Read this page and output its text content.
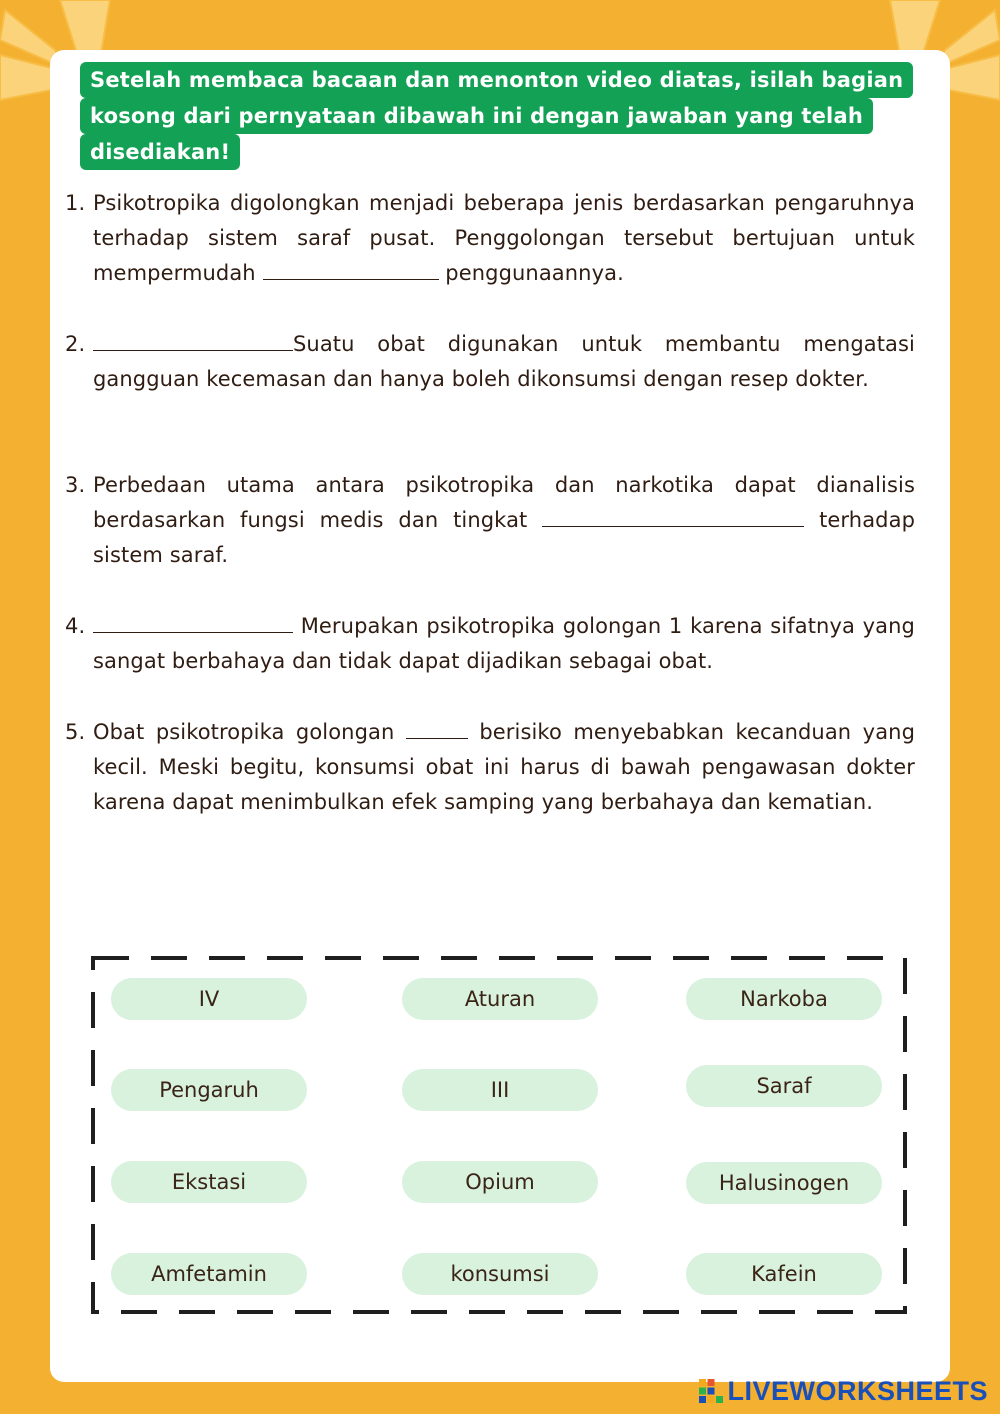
Setelah membaca bacaan dan menonton video diatas, isilah bagian
kosong dari pernyataan dibawah ini dengan jawaban yang telah
disediakan!
1. Psikotropika digolongkan menjadi beberapa jenis berdasarkan pengaruhnya terhadap sistem saraf pusat. Penggolongan tersebut bertujuan untuk mempermudah	penggunaannya.
2.	Suatu obat digunakan untuk membantu mengatasi gangguan kecemasan dan hanya boleh dikonsumsi dengan resep dokter.
3. Perbedaan utama antara psikotropika dan narkotika dapat dianalisis berdasarkan fungsi medis dan tingkat	terhadap sistem saraf.
4.	Merupakan psikotropika golongan 1 karena sifatnya yang sangat berbahaya dan tidak dapat dijadikan sebagai obat.
5. Obat psikotropika golongan	berisiko menyebabkan kecanduan yang kecil. Meski begitu, konsumsi obat ini harus di bawah pengawasan dokter karena dapat menimbulkan efek samping yang berbahaya dan kematian.
IV	Aturan	Narkoba
Pengaruh	III	Saraf
Ekstasi	Opium	Halusinogen
Amfetamin	konsumsi	Kafein
LIVEWORKSHEETS
